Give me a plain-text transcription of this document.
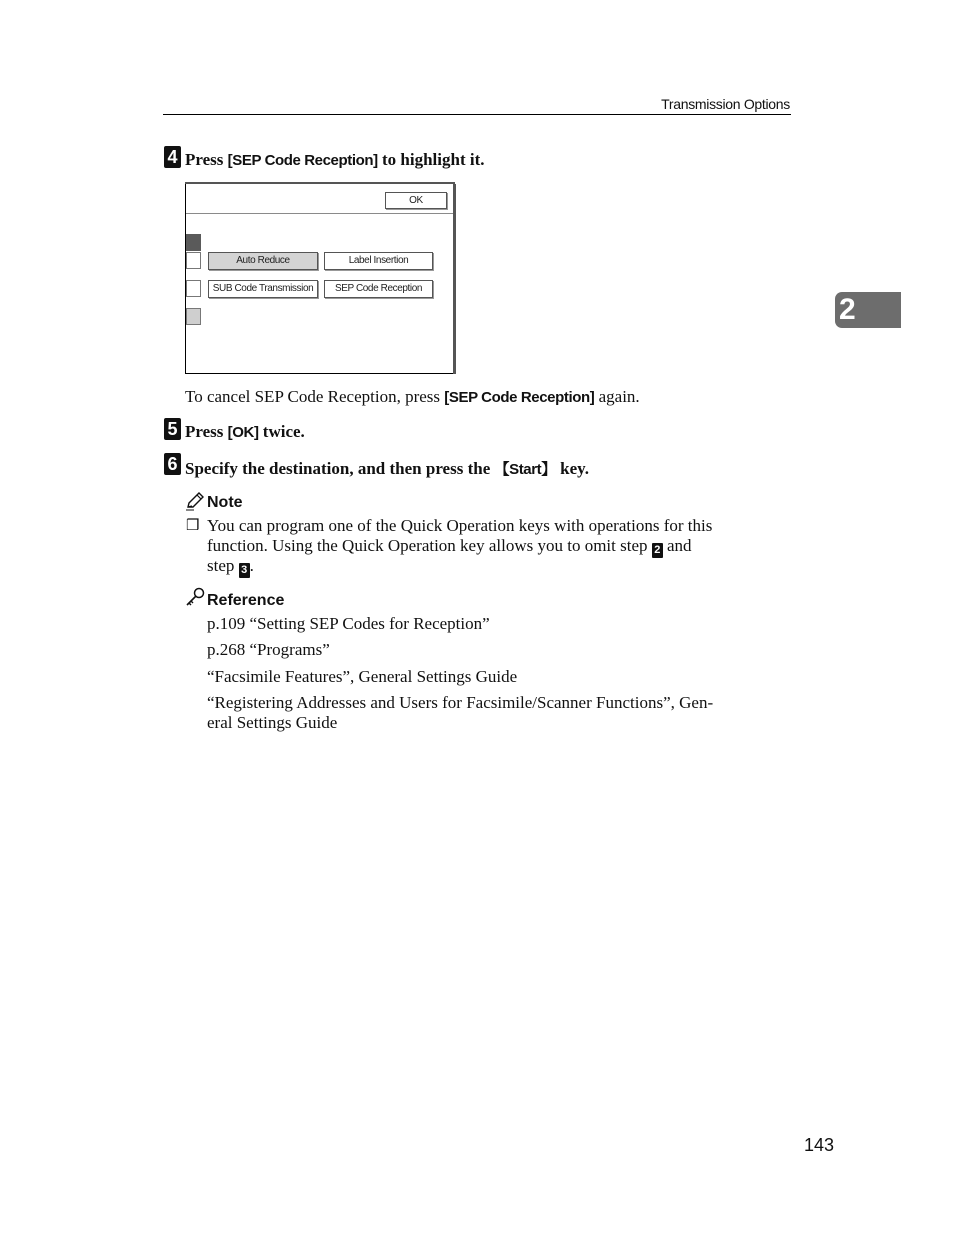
Transmission Options
2
4 Press [SEP Code Reception] to highlight it.
OK
Auto Reduce	Label Insertion
SUB Code Transmission	SEP Code Reception
To cancel SEP Code Reception, press [SEP Code Reception] again.
5 Press [OK] twice.
6 Specify the destination, and then press the 【Start】 key.
Note
❒ You can program one of the Quick Operation keys with operations for this
function. Using the Quick Operation key allows you to omit step 2 and
step 3 .
Reference
p.109 “Setting SEP Codes for Reception”
p.268 “Programs”
“Facsimile Features”, General Settings Guide
“Registering Addresses and Users for Facsimile/Scanner Functions”, Gen-
eral Settings Guide
143
